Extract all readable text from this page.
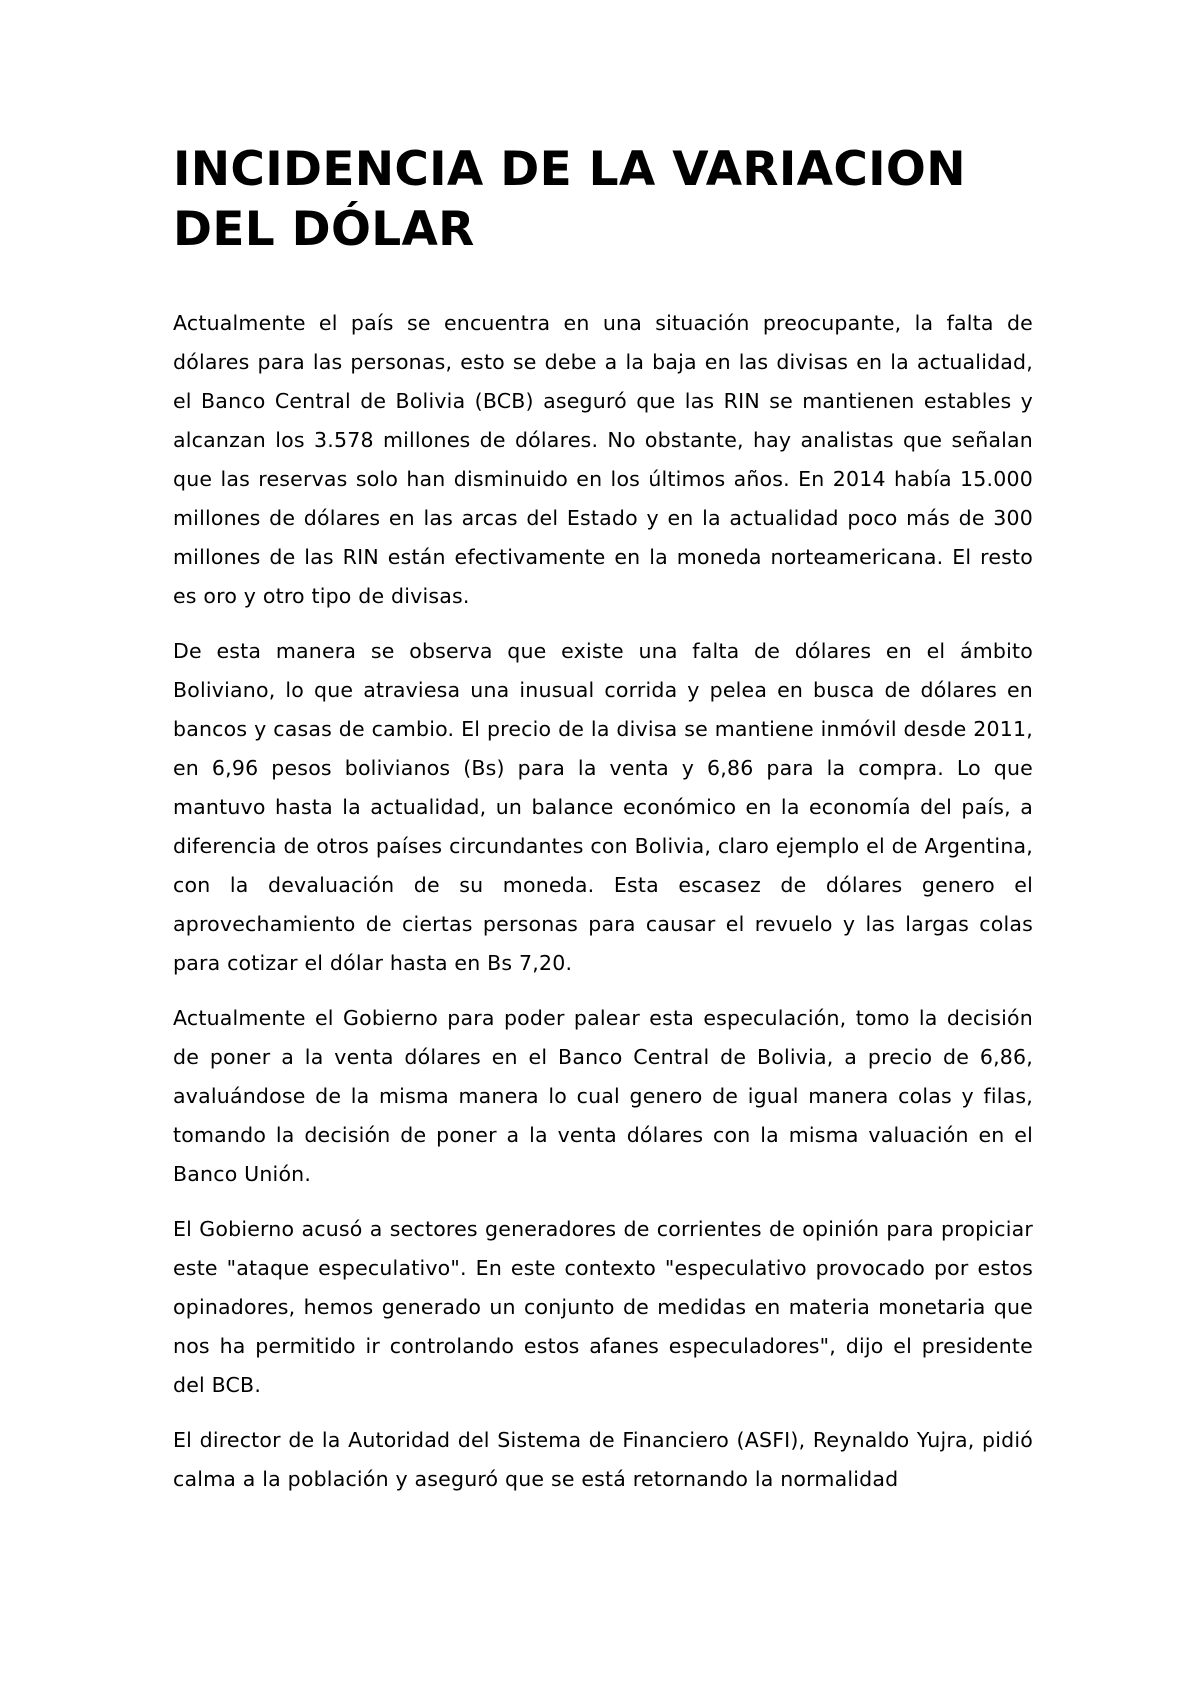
INCIDENCIA DE LA VARIACION DEL DÓLAR

Actualmente el país se encuentra en una situación preocupante, la falta de dólares para las personas, esto se debe a la baja en las divisas en la actualidad, el Banco Central de Bolivia (BCB) aseguró que las RIN se mantienen estables y alcanzan los 3.578 millones de dólares. No obstante, hay analistas que señalan que las reservas solo han disminuido en los últimos años. En 2014 había 15.000 millones de dólares en las arcas del Estado y en la actualidad poco más de 300 millones de las RIN están efectivamente en la moneda norteamericana. El resto es oro y otro tipo de divisas.

De esta manera se observa que existe una falta de dólares en el ámbito Boliviano, lo que atraviesa una inusual corrida y pelea en busca de dólares en bancos y casas de cambio. El precio de la divisa se mantiene inmóvil desde 2011, en 6,96 pesos bolivianos (Bs) para la venta y 6,86 para la compra. Lo que mantuvo hasta la actualidad, un balance económico en la economía del país, a diferencia de otros países circundantes con Bolivia, claro ejemplo el de Argentina, con la devaluación de su moneda. Esta escasez de dólares genero el aprovechamiento de ciertas personas para causar el revuelo y las largas colas para cotizar el dólar hasta en Bs 7,20.

Actualmente el Gobierno para poder palear esta especulación, tomo la decisión de poner a la venta dólares en el Banco Central de Bolivia, a precio de 6,86, avaluándose de la misma manera lo cual genero de igual manera colas y filas, tomando la decisión de poner a la venta dólares con la misma valuación en el Banco Unión.

El Gobierno acusó a sectores generadores de corrientes de opinión para propiciar este "ataque especulativo". En este contexto "especulativo provocado por estos opinadores, hemos generado un conjunto de medidas en materia monetaria que nos ha permitido ir controlando estos afanes especuladores", dijo el presidente del BCB.

El director de la Autoridad del Sistema de Financiero (ASFI), Reynaldo Yujra, pidió calma a la población y aseguró que se está retornando la normalidad
